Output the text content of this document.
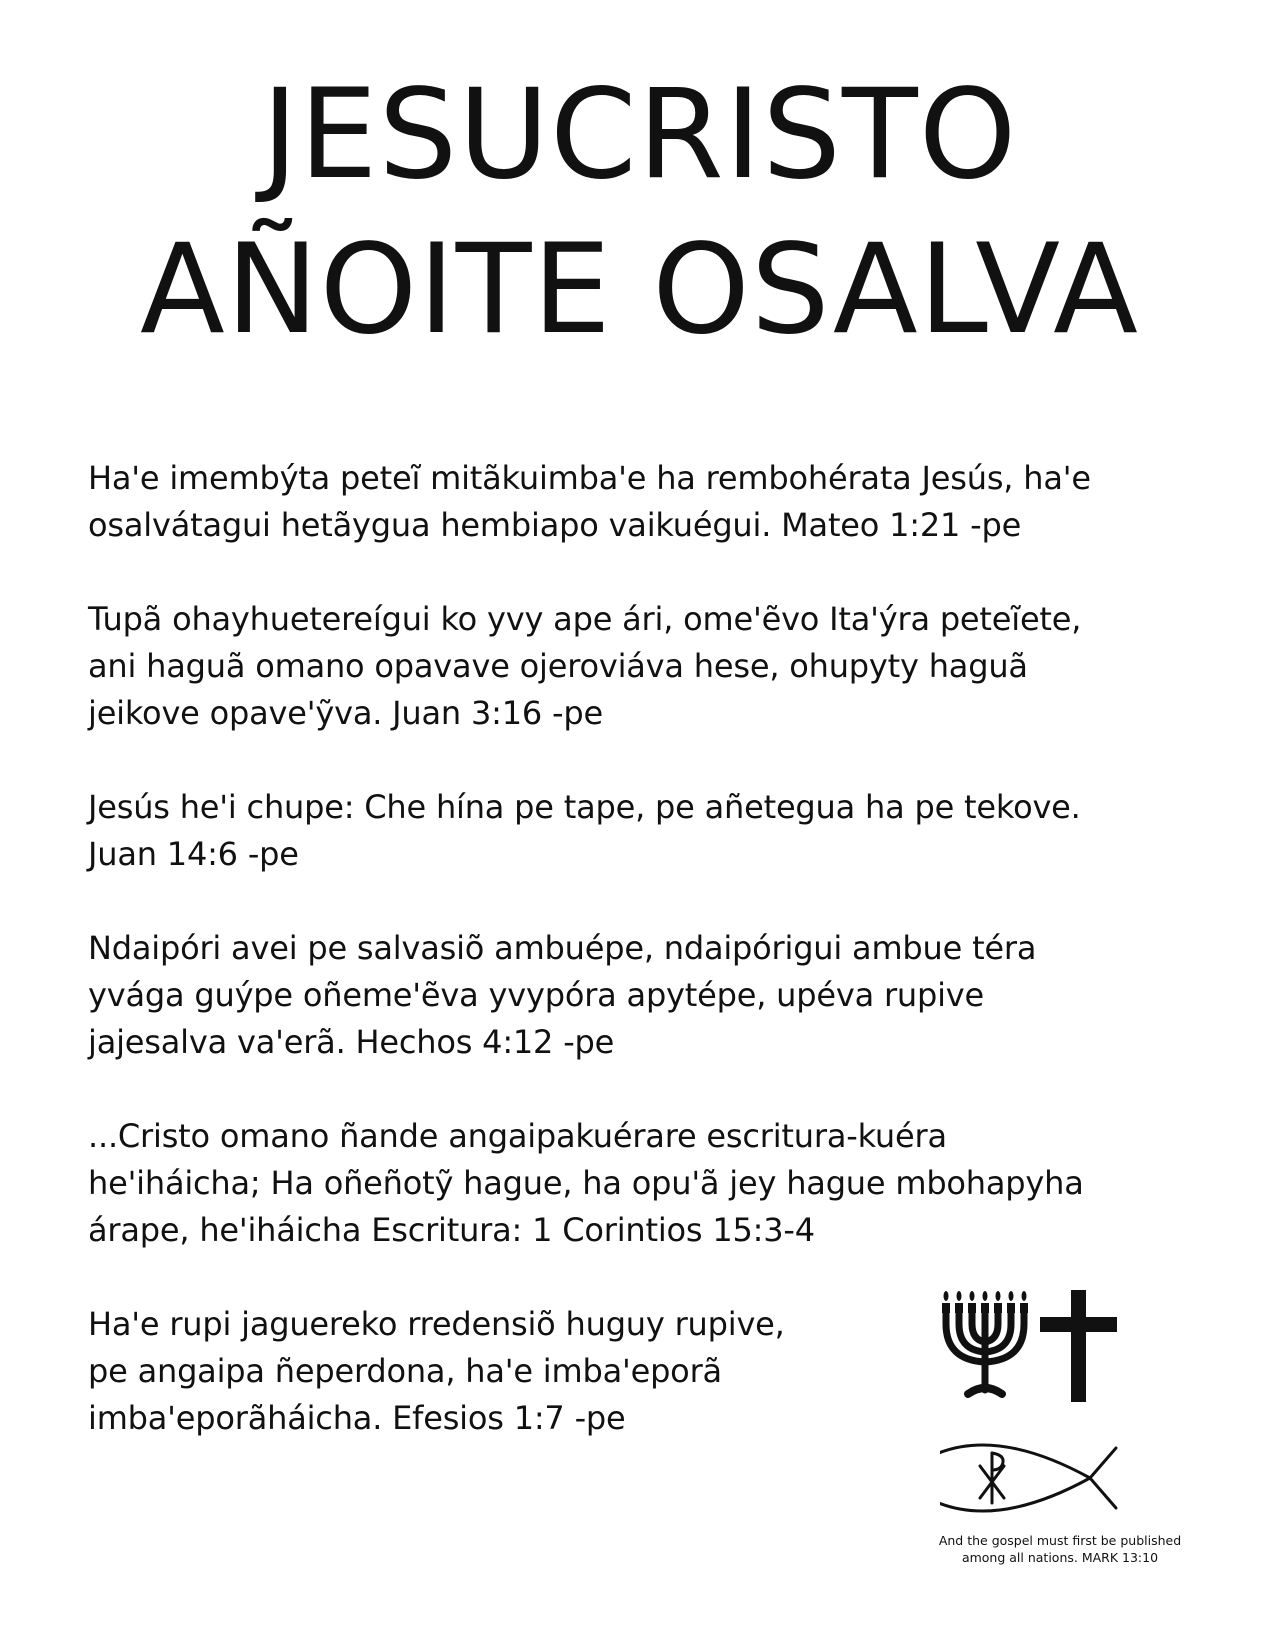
JESUCRISTO
AÑOITE OSALVA

Ha'e imembýta peteĩ mitãkuimba'e ha rembohérata Jesús, ha'e
osalvátagui hetãygua hembiapo vaikuégui. Mateo 1:21 -pe

Tupã ohayhuetereígui ko yvy ape ári, ome'ẽvo Ita'ýra peteĩete,
ani haguã omano opavave ojeroviáva hese, ohupyty haguã
jeikove opave'ỹva. Juan 3:16 -pe

Jesús he'i chupe: Che hína pe tape, pe añetegua ha pe tekove.
Juan 14:6 -pe

Ndaipóri avei pe salvasiõ ambuépe, ndaipórigui ambue téra
yvága guýpe oñeme'ẽva yvypóra apytépe, upéva rupive
jajesalva va'erã. Hechos 4:12 -pe

...Cristo omano ñande angaipakuérare escritura-kuéra
he'iháicha; Ha oñeñotỹ hague, ha opu'ã jey hague mbohapyha
árape, he'iháicha Escritura: 1 Corintios 15:3-4

Ha'e rupi jaguereko rredensiõ huguy rupive,
pe angaipa ñeperdona, ha'e imba'eporã
imba'eporãháicha. Efesios 1:7 -pe

And the gospel must first be published
among all nations. MARK 13:10
